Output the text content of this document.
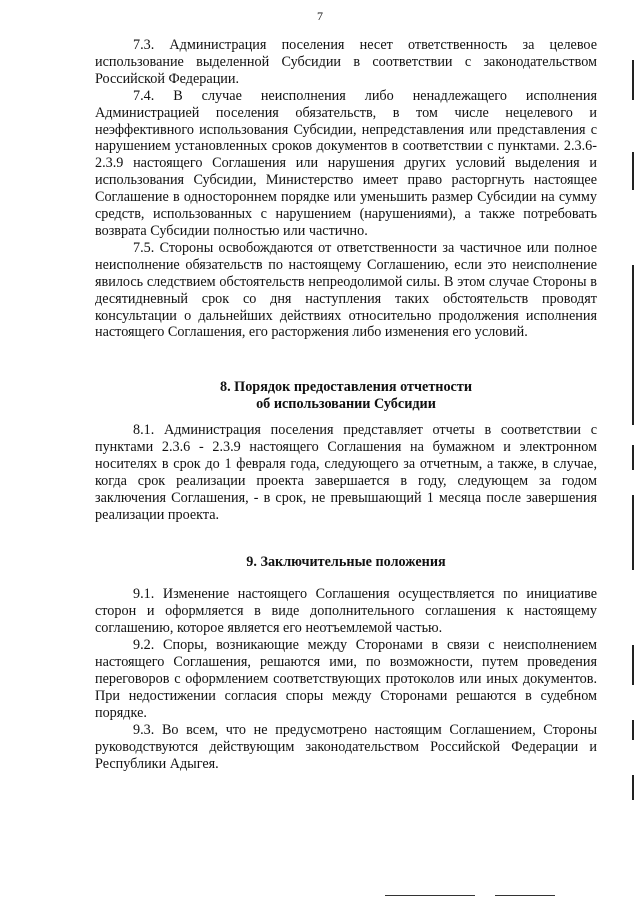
7

7.3. Администрация поселения несет ответственность за целевое использование выделенной Субсидии в соответствии с законодательством Российской Федерации.

7.4. В случае неисполнения либо ненадлежащего исполнения Администрацией поселения обязательств, в том числе нецелевого и неэффективного использования Субсидии, непредставления или представления с нарушением установленных сроков документов в соответствии с пунктами. 2.3.6-2.3.9 настоящего Соглашения или нарушения других условий выделения и использования Субсидии, Министерство имеет право расторгнуть настоящее Соглашение в одностороннем порядке или уменьшить размер Субсидии на сумму средств, использованных с нарушением (нарушениями), а также потребовать возврата Субсидии полностью или частично.

7.5. Стороны освобождаются от ответственности за частичное или полное неисполнение обязательств по настоящему Соглашению, если это неисполнение явилось следствием обстоятельств непреодолимой силы. В этом случае Стороны в десятидневный срок со дня наступления таких обстоятельств проводят консультации о дальнейших действиях относительно продолжения исполнения настоящего Соглашения, его расторжения либо изменения его условий.

8. Порядок предоставления отчетности
об использовании Субсидии

8.1. Администрация поселения представляет отчеты в соответствии с пунктами 2.3.6 - 2.3.9 настоящего Соглашения на бумажном и электронном носителях в срок до 1 февраля года, следующего за отчетным, а также, в случае, когда срок реализации проекта завершается в году, следующем за годом заключения Соглашения, - в срок, не превышающий 1 месяца после завершения реализации проекта.

9. Заключительные положения

9.1. Изменение настоящего Соглашения осуществляется по инициативе сторон и оформляется в виде дополнительного соглашения к настоящему соглашению, которое является его неотъемлемой частью.

9.2. Споры, возникающие между Сторонами в связи с неисполнением настоящего Соглашения, решаются ими, по возможности, путем проведения переговоров с оформлением соответствующих протоколов или иных документов. При недостижении согласия споры между Сторонами решаются в судебном порядке.

9.3. Во всем, что не предусмотрено настоящим Соглашением, Стороны руководствуются действующим законодательством Российской Федерации и Республики Адыгея.
